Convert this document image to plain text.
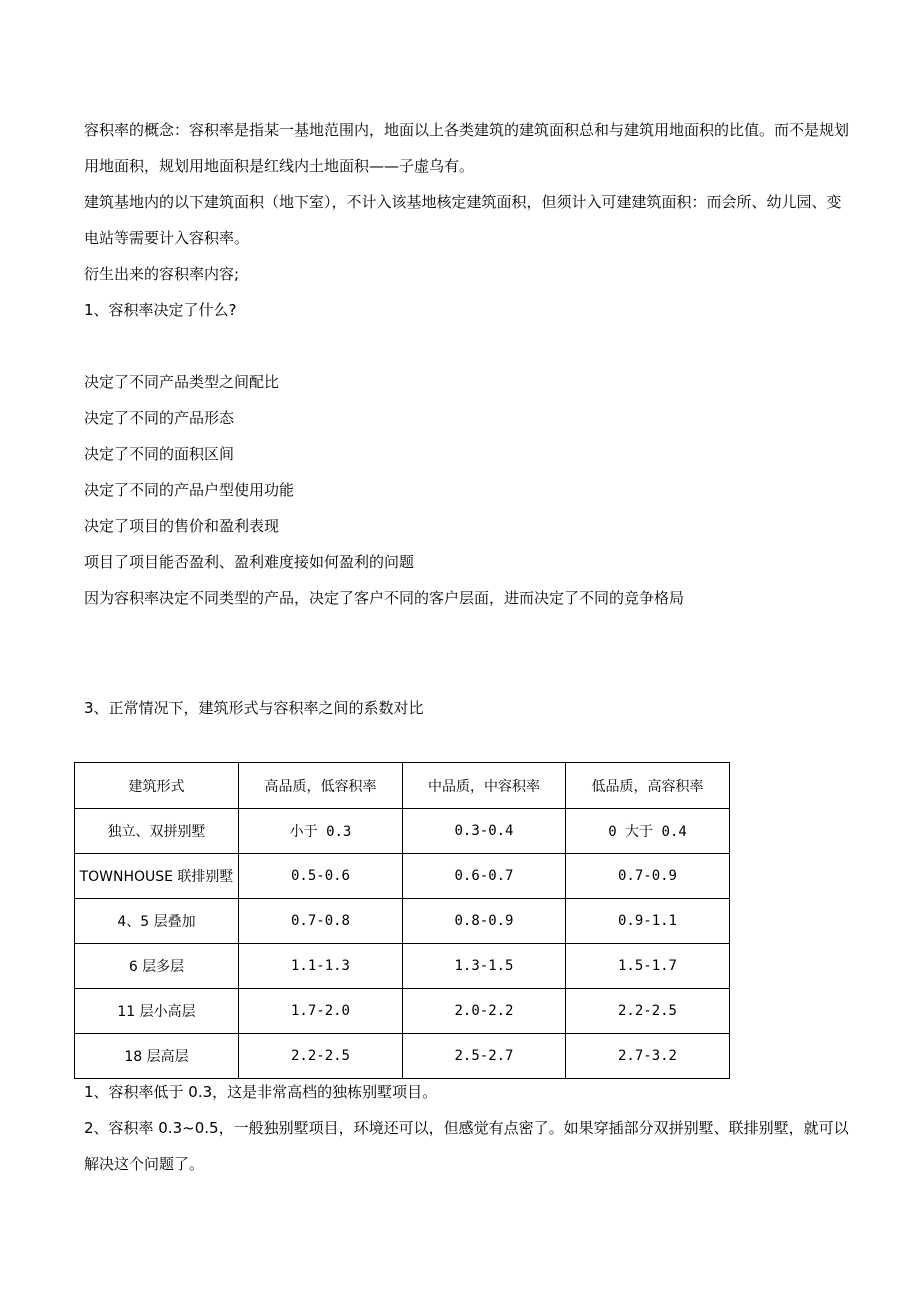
容积率的概念：容积率是指某一基地范围内，地面以上各类建筑的建筑面积总和与建筑用地面积的比值。而不是规划用地面积，规划用地面积是红线内土地面积——子虚乌有。

建筑基地内的以下建筑面积（地下室），不计入该基地核定建筑面积，但须计入可建建筑面积：而会所、幼儿园、变电站等需要计入容积率。

衍生出来的容积率内容;

1、容积率决定了什么?

决定了不同产品类型之间配比

决定了不同的产品形态

决定了不同的面积区间

决定了不同的产品户型使用功能

决定了项目的售价和盈利表现

项目了项目能否盈利、盈利难度接如何盈利的问题

因为容积率决定不同类型的产品，决定了客户不同的客户层面，进而决定了不同的竞争格局

3、正常情况下，建筑形式与容积率之间的系数对比

建筑形式	高品质，低容积率	中品质，中容积率	低品质，高容积率
独立、双拼别墅	小于 0.3	0.3-0.4	0 大于 0.4
TOWNHOUSE 联排别墅	0.5-0.6	0.6-0.7	0.7-0.9
4、5 层叠加	0.7-0.8	0.8-0.9	0.9-1.1
6 层多层	1.1-1.3	1.3-1.5	1.5-1.7
11 层小高层	1.7-2.0	2.0-2.2	2.2-2.5
18 层高层	2.2-2.5	2.5-2.7	2.7-3.2

1、容积率低于 0.3，这是非常高档的独栋别墅项目。

2、容积率 0.3~0.5，一般独别墅项目，环境还可以，但感觉有点密了。如果穿插部分双拼别墅、联排别墅，就可以解决这个问题了。
